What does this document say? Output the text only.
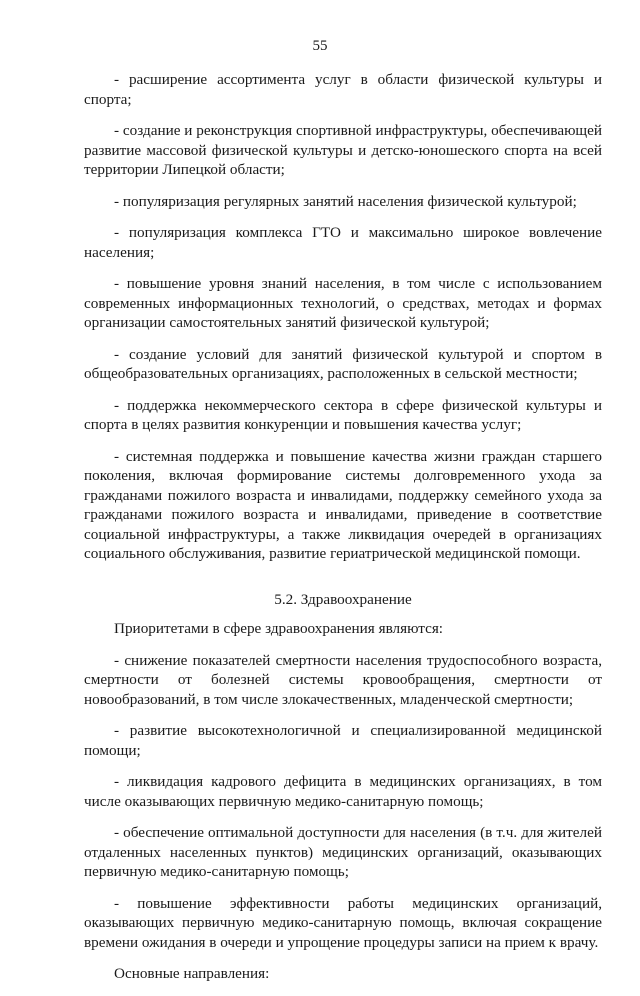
55

- расширение ассортимента услуг в области физической культуры и спорта;

- создание и реконструкция спортивной инфраструктуры, обеспечивающей развитие массовой физической культуры и детско-юношеского спорта на всей территории Липецкой области;

- популяризация регулярных занятий населения физической культурой;

- популяризация комплекса ГТО и максимально широкое вовлечение населения;

- повышение уровня знаний населения, в том числе с использованием современных информационных технологий, о средствах, методах и формах организации самостоятельных занятий физической культурой;

- создание условий для занятий физической культурой и спортом в общеобразовательных организациях, расположенных в сельской местности;

- поддержка некоммерческого сектора в сфере физической культуры и спорта в целях развития конкуренции и повышения качества услуг;

- системная поддержка и повышение качества жизни граждан старшего поколения, включая формирование системы долговременного ухода за гражданами пожилого возраста и инвалидами, поддержку семейного ухода за гражданами пожилого возраста и инвалидами, приведение в соответствие социальной инфраструктуры, а также ликвидация очередей в организациях социального обслуживания, развитие гериатрической медицинской помощи.

5.2. Здравоохранение

Приоритетами в сфере здравоохранения являются:

- снижение показателей смертности населения трудоспособного возраста, смертности от болезней системы кровообращения, смертности от новообразований, в том числе злокачественных, младенческой смертности;

- развитие высокотехнологичной и специализированной медицинской помощи;

- ликвидация кадрового дефицита в медицинских организациях, в том числе оказывающих первичную медико-санитарную помощь;

- обеспечение оптимальной доступности для населения (в т.ч. для жителей отдаленных населенных пунктов) медицинских организаций, оказывающих первичную медико-санитарную помощь;

- повышение эффективности работы медицинских организаций, оказывающих первичную медико-санитарную помощь, включая сокращение времени ожидания в очереди и упрощение процедуры записи на прием к врачу.

Основные направления:
